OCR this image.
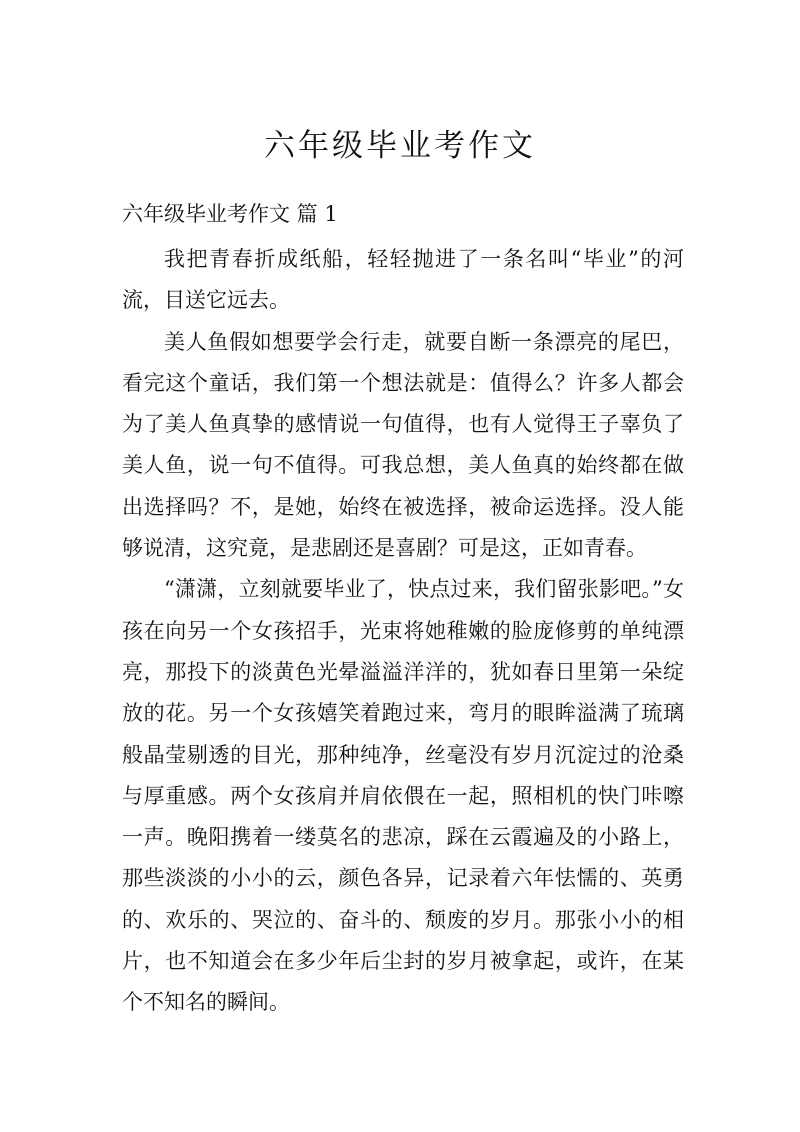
六年级毕业考作文
六年级毕业考作文 篇 1

我把青春折成纸船，轻轻抛进了一条名叫“毕业”的河流，目送它远去。

美人鱼假如想要学会行走，就要自断一条漂亮的尾巴，看完这个童话，我们第一个想法就是：值得么？许多人都会为了美人鱼真挚的感情说一句值得，也有人觉得王子辜负了美人鱼，说一句不值得。可我总想，美人鱼真的始终都在做出选择吗？不，是她，始终在被选择，被命运选择。没人能够说清，这究竟，是悲剧还是喜剧？可是这，正如青春。

“潇潇，立刻就要毕业了，快点过来，我们留张影吧。”女孩在向另一个女孩招手，光束将她稚嫩的脸庞修剪的单纯漂亮，那投下的淡黄色光晕溢溢洋洋的，犹如春日里第一朵绽放的花。另一个女孩嬉笑着跑过来，弯月的眼眸溢满了琉璃般晶莹剔透的目光，那种纯净，丝毫没有岁月沉淀过的沧桑与厚重感。两个女孩肩并肩依偎在一起，照相机的快门咔嚓一声。晚阳携着一缕莫名的悲凉，踩在云霞遍及的小路上，那些淡淡的小小的云，颜色各异，记录着六年怯懦的、英勇的、欢乐的、哭泣的、奋斗的、颓废的岁月。那张小小的相片，也不知道会在多少年后尘封的岁月被拿起，或许，在某个不知名的瞬间。
